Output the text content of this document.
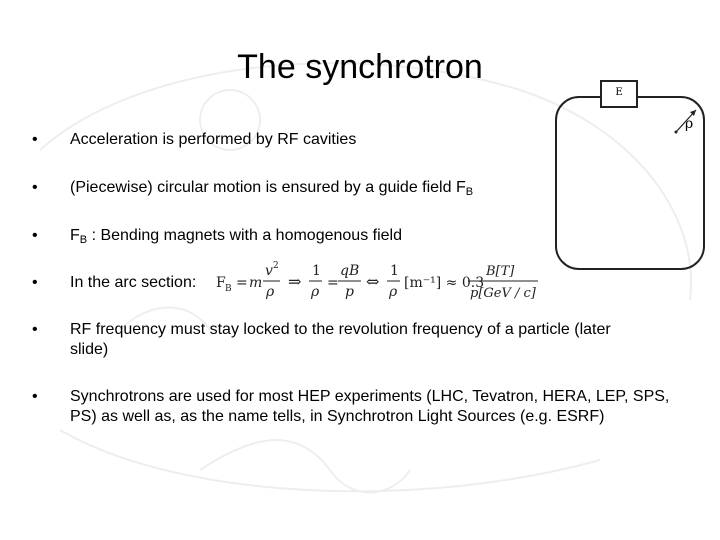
The synchrotron
•	Acceleration is performed by RF cavities
•	(Piecewise) circular motion is ensured by a guide field $F_B$
•	$F_B$ : Bending magnets with a homogenous field
•	In the arc section:
•	RF frequency must stay locked to the revolution frequency of a particle (later slide)
•	Synchrotrons are used for most HEP experiments (LHC, Tevatron, HERA, LEP, SPS, PS) as well as, as the name tells, in Synchrotron Light Sources (e.g. ESRF)
F B = m
v 2
ρ
⇒
1
ρ
=
qB
p
⇔
1
ρ
[m⁻¹] ≈ 0.3
B[T]
p[GeV / c]
E
ρ
